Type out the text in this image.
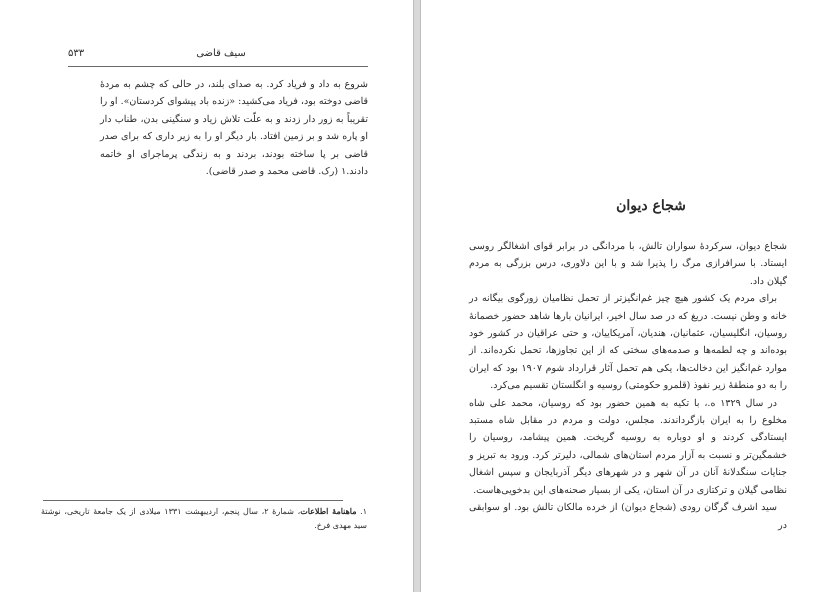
۵۳۳	سیف قاضی

شروع به داد و فریاد کرد. به صدای بلند، در حالی که چشم به مردهٔ قاضی دوخته بود، فریاد می‌کشید: «زنده باد پیشوای کردستان». او را تقریباً به زور دار زدند و به علّت تلاش زیاد و سنگینی بدن، طناب دار او پاره شد و بر زمین افتاد. بار دیگر او را به زیر داری که برای صدر قاضی بر پا ساخته بودند، بردند و به زندگی پرماجرای او خاتمه دادند.۱ (رک. قاضی محمد و صدر قاضی).

۱. ماهنامهٔ اطلاعات، شمارهٔ ۲، سال پنجم، اردیبهشت ۱۳۳۱ میلادی از یک جامعهٔ تاریخی، نوشتهٔ سید مهدی فرخ.

شجاع دیوان

شجاع دیوان، سرکردهٔ سواران تالش، با مردانگی در برابر قوای اشغالگر روسی ایستاد. با سرافرازی مرگ را پذیرا شد و با این دلاوری، درس بزرگی به مردم گیلان داد.

برای مردم یک کشور هیچ چیز غم‌انگیزتر از تحمل نظامیان زورگوی بیگانه در خانه و وطن نیست. دریغ که در صد سال اخیر، ایرانیان بارها شاهد حضور خصمانهٔ روسیان، انگلیسیان، عثمانیان، هندیان، آمریکاییان، و حتی عراقیان در کشور خود بوده‌اند و چه لطمه‌ها و صدمه‌های سختی که از این تجاوزها، تحمل نکرده‌اند. از موارد غم‌انگیز این دخالت‌ها، یکی هم تحمل آثار قرارداد شوم ۱۹۰۷ بود که ایران را به دو منطقهٔ زیر نفوذ (قلمرو حکومتی) روسیه و انگلستان تقسیم می‌کرد.

در سال ۱۳۲۹ ه.، با تکیه به همین حضور بود که روسیان، محمد علی شاه مخلوع را به ایران بازگرداندند. مجلس، دولت و مردم در مقابل شاه مستبد ایستادگی کردند و او دوباره به روسیه گریخت. همین پیشامد، روسیان را خشمگین‌تر و نسبت به آزار مردم استان‌های شمالی، دلیرتر کرد. ورود به تبریز و جنایات سنگدلانهٔ آنان در آن شهر و در شهرهای دیگر آذربایجان و سپس اشغال نظامی گیلان و ترکتازی در آن استان، یکی از بسیار صحنه‌های این بدخویی‌هاست.

سید اشرف گرگان رودی (شجاع دیوان) از خرده مالکان تالش بود. او سوابقی در
